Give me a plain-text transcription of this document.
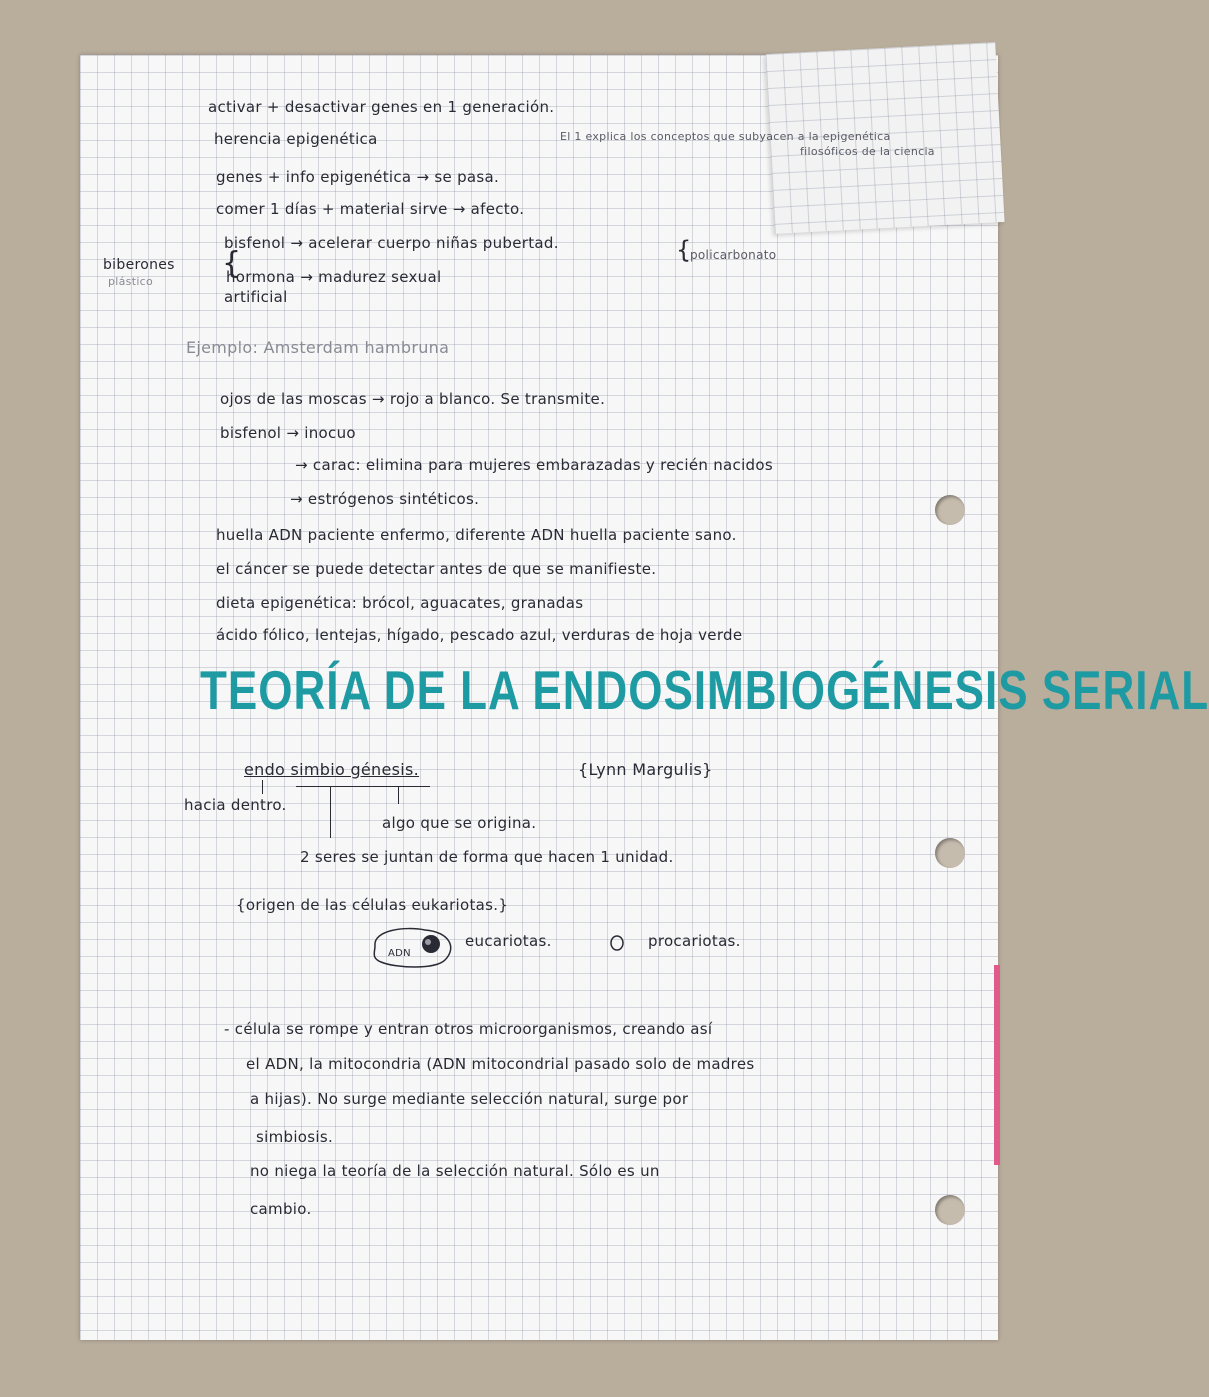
activar + desactivar genes en 1 generación.
herencia epigenética	El 1 explica los conceptos que subyacen a la epigenética
filosóficos de la ciencia
genes + info epigenética → se pasa.
comer 1 días + material sirve → afecto.
biberones
plástico
{
bisfenol → acelerar cuerpo niñas pubertad.	{
policarbonato
hormona → madurez sexual
artificial
Ejemplo: Amsterdam hambruna
ojos de las moscas → rojo a blanco. Se transmite.
bisfenol → inocuo
→ carac: elimina para mujeres embarazadas y recién nacidos
→ estrógenos sintéticos.
huella ADN paciente enfermo, diferente ADN huella paciente sano.
el cáncer se puede detectar antes de que se manifieste.
dieta epigenética: brócol, aguacates, granadas
ácido fólico, lentejas, hígado, pescado azul, verduras de hoja verde
TEORÍA DE LA ENDOSIMBIOGÉNESIS SERIAL
endo simbio génesis.	{Lynn Margulis}
hacia dentro.
algo que se origina.
2 seres se juntan de forma que hacen 1 unidad.
{origen de las células eukariotas.}
ADN
eucariotas.	procariotas.
- célula se rompe y entran otros microorganismos, creando así
el ADN, la mitocondria (ADN mitocondrial pasado solo de madres
a hijas). No surge mediante selección natural, surge por
simbiosis.
no niega la teoría de la selección natural. Sólo es un
cambio.
